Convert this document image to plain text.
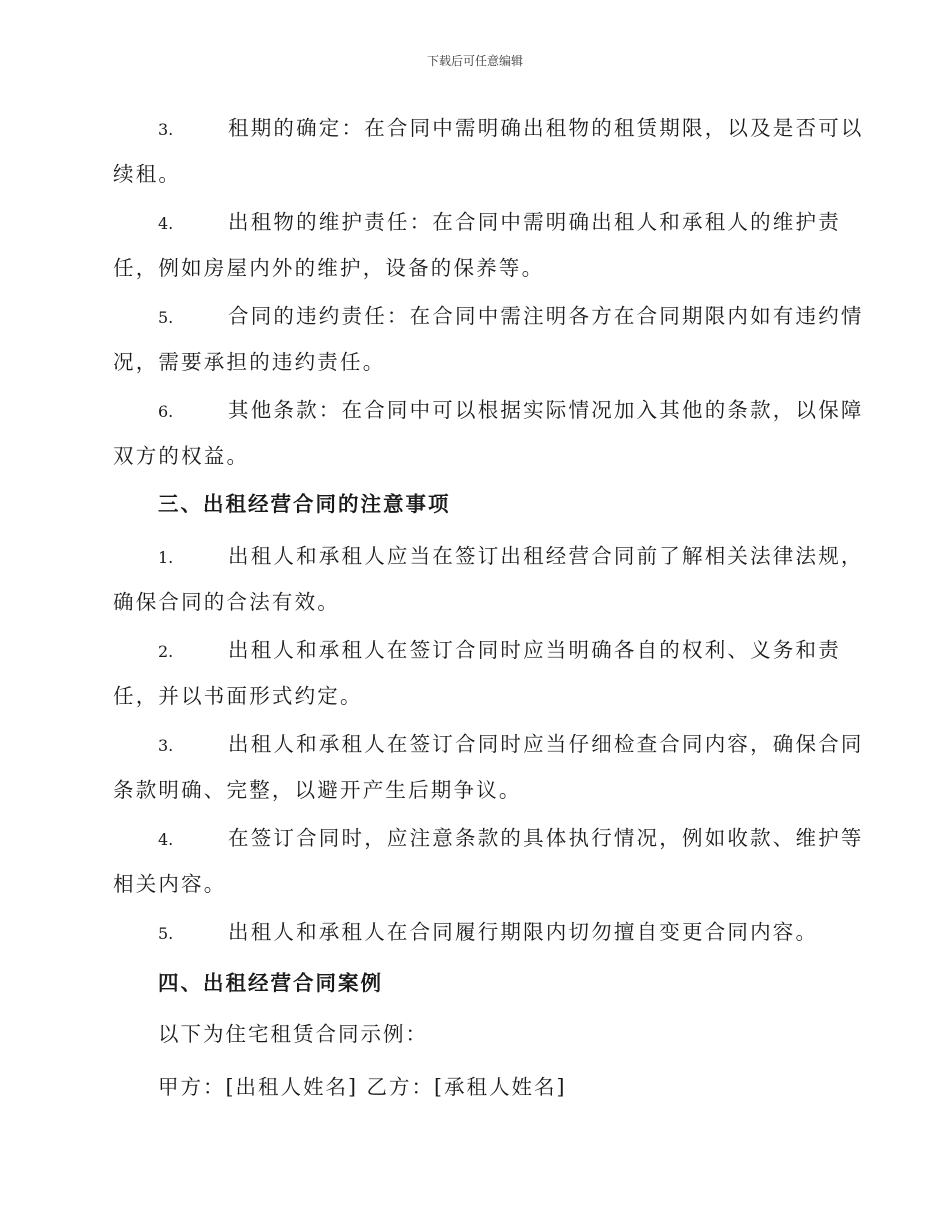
下载后可任意编辑
3.	租期的确定：在合同中需明确出租物的租赁期限，以及是否可以
续租。
4.	出租物的维护责任：在合同中需明确出租人和承租人的维护责
任，例如房屋内外的维护，设备的保养等。
5.	合同的违约责任：在合同中需注明各方在合同期限内如有违约情
况，需要承担的违约责任。
6.	其他条款：在合同中可以根据实际情况加入其他的条款，以保障
双方的权益。
三、出租经营合同的注意事项
1.	出租人和承租人应当在签订出租经营合同前了解相关法律法规，
确保合同的合法有效。
2.	出租人和承租人在签订合同时应当明确各自的权利、义务和责
任，并以书面形式约定。
3.	出租人和承租人在签订合同时应当仔细检查合同内容，确保合同
条款明确、完整，以避开产生后期争议。
4.	在签订合同时，应注意条款的具体执行情况，例如收款、维护等
相关内容。
5.	出租人和承租人在合同履行期限内切勿擅自变更合同内容。
四、出租经营合同案例
以下为住宅租赁合同示例：
甲方：[出租人姓名] 乙方：[承租人姓名]
